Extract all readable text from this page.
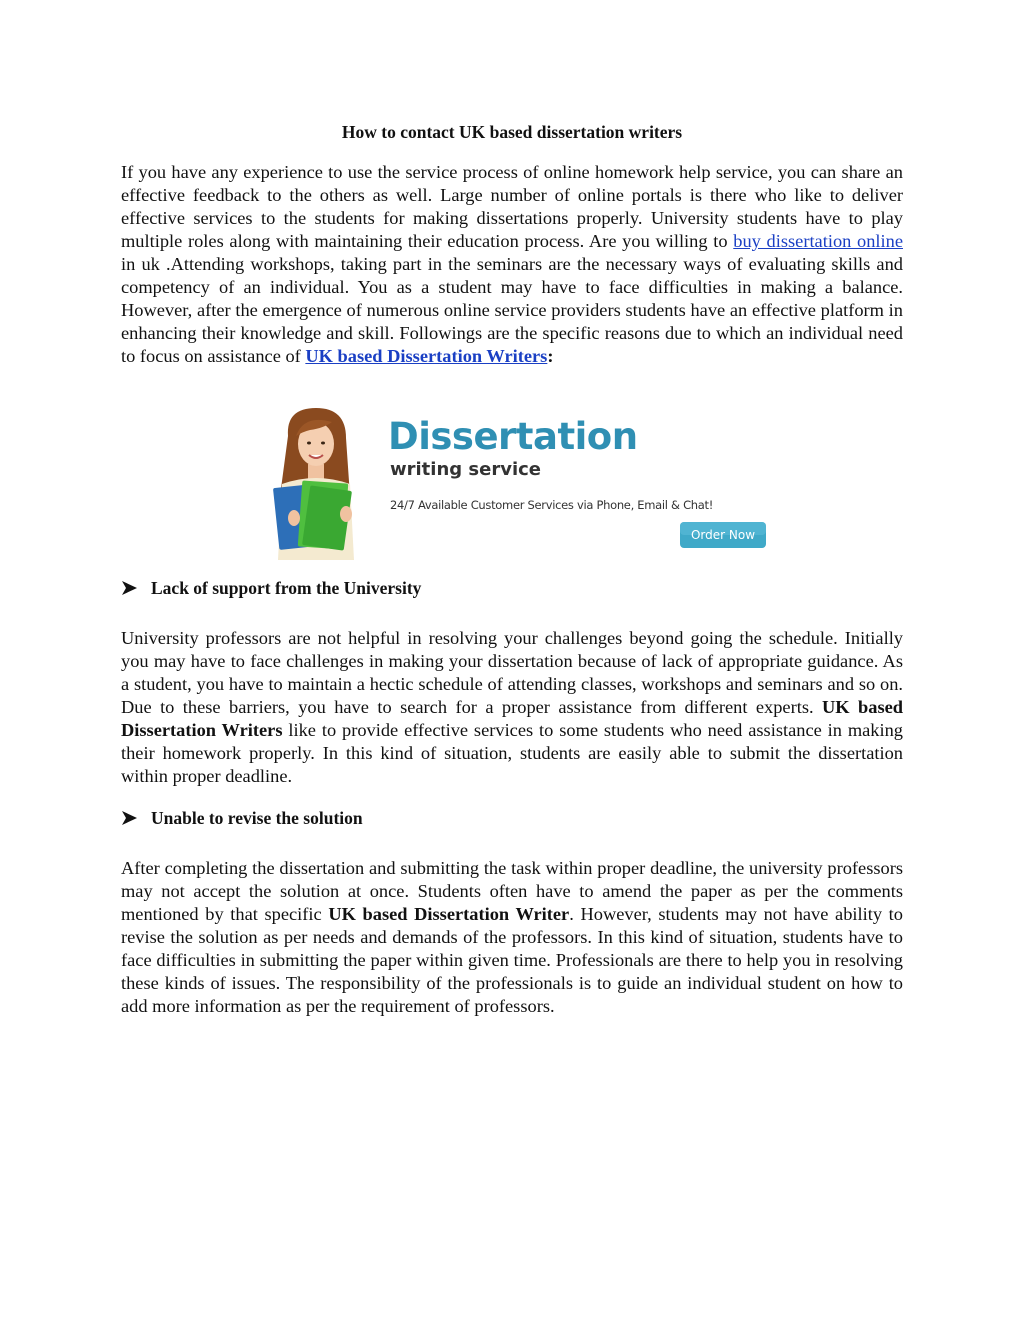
How to contact UK based dissertation writers

If you have any experience to use the service process of online homework help service, you can share an effective feedback to the others as well. Large number of online portals is there who like to deliver effective services to the students for making dissertations properly. University students have to play multiple roles along with maintaining their education process. Are you willing to buy dissertation online in uk .Attending workshops, taking part in the seminars are the necessary ways of evaluating skills and competency of an individual. You as a student may have to face difficulties in making a balance. However, after the emergence of numerous online service providers students have an effective platform in enhancing their knowledge and skill. Followings are the specific reasons due to which an individual need to focus on assistance of UK based Dissertation Writers:

Dissertation
writing service
24/7 Available Customer Services via Phone, Email & Chat!
Order Now
Lack of support from the University

University professors are not helpful in resolving your challenges beyond going the schedule. Initially you may have to face challenges in making your dissertation because of lack of appropriate guidance. As a student, you have to maintain a hectic schedule of attending classes, workshops and seminars and so on. Due to these barriers, you have to search for a proper assistance from different experts. UK based Dissertation Writers like to provide effective services to some students who need assistance in making their homework properly. In this kind of situation, students are easily able to submit the dissertation within proper deadline.

Unable to revise the solution

After completing the dissertation and submitting the task within proper deadline, the university professors may not accept the solution at once. Students often have to amend the paper as per the comments mentioned by that specific UK based Dissertation Writer. However, students may not have ability to revise the solution as per needs and demands of the professors. In this kind of situation, students have to face difficulties in submitting the paper within given time. Professionals are there to help you in resolving these kinds of issues. The responsibility of the professionals is to guide an individual student on how to add more information as per the requirement of professors.
